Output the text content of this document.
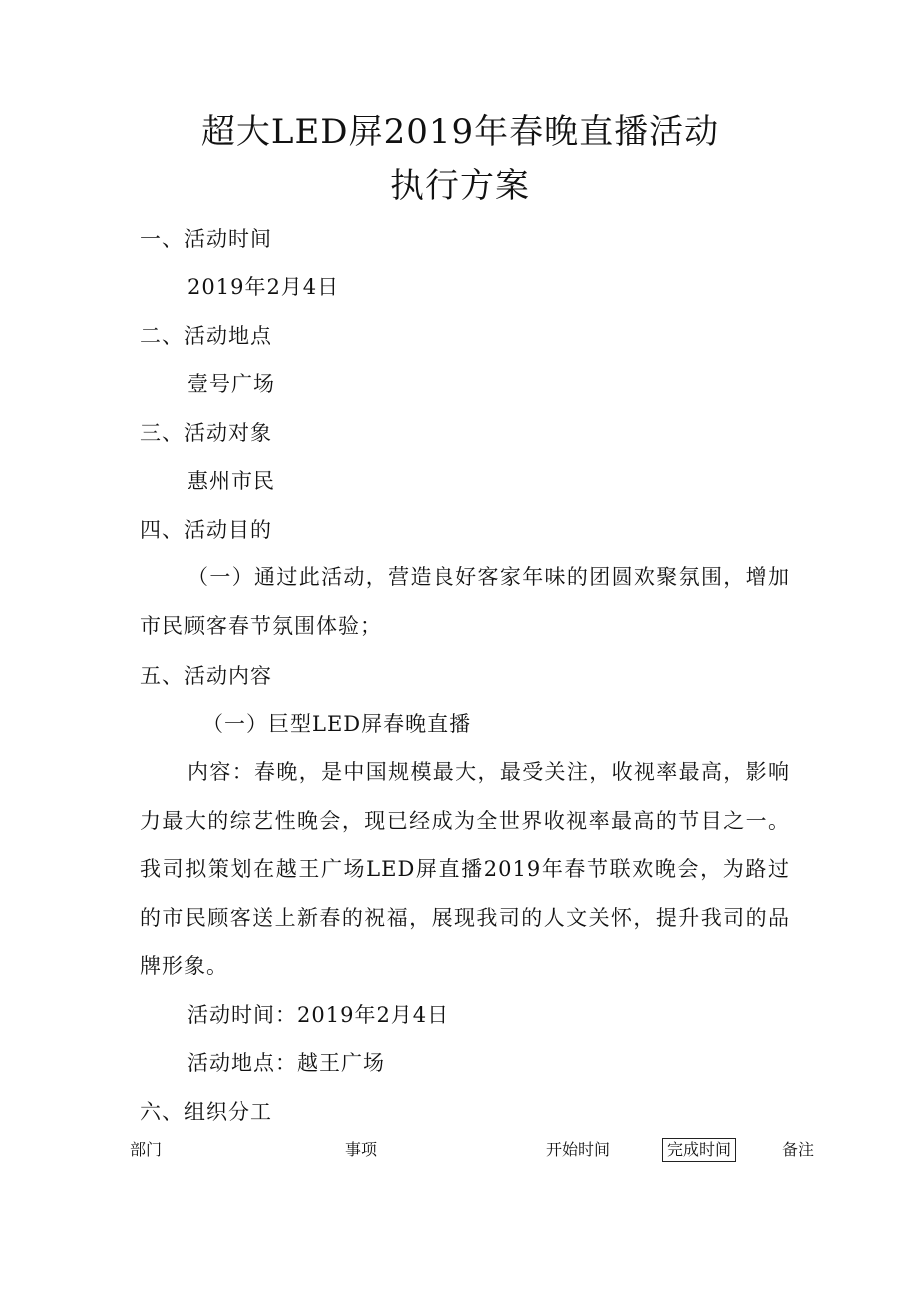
超大LED屏2019年春晚直播活动
执行方案
一、活动时间
2019年2月4日
二、活动地点
壹号广场
三、活动对象
惠州市民
四、活动目的

（一）通过此活动，营造良好客家年味的团圆欢聚氛围，增加市民顾客春节氛围体验；

五、活动内容
（一）巨型LED屏春晚直播

内容：春晚，是中国规模最大，最受关注，收视率最高，影响力最大的综艺性晚会，现已经成为全世界收视率最高的节目之一。我司拟策划在越王广场LED屏直播2019年春节联欢晚会，为路过的市民顾客送上新春的祝福，展现我司的人文关怀，提升我司的品牌形象。

活动时间：2019年2月4日
活动地点：越王广场
六、组织分工
部门	事项	开始时间	完成时间	备注
